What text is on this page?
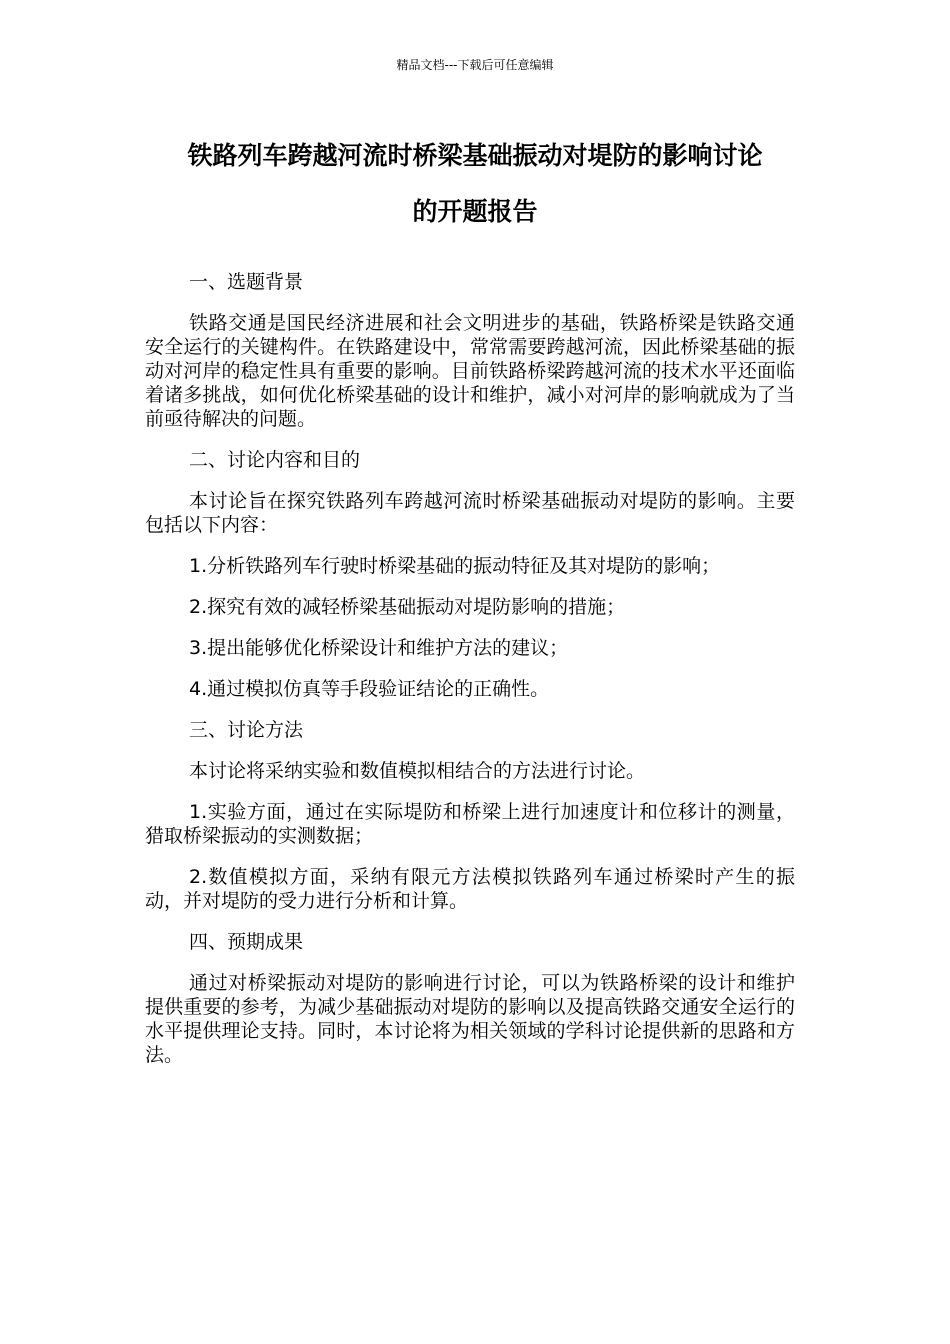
精品文档---下载后可任意编辑
铁路列车跨越河流时桥梁基础振动对堤防的影响讨论
的开题报告

一、选题背景

铁路交通是国民经济进展和社会文明进步的基础，铁路桥梁是铁路交通安全运行的关键构件。在铁路建设中，常常需要跨越河流，因此桥梁基础的振动对河岸的稳定性具有重要的影响。目前铁路桥梁跨越河流的技术水平还面临着诸多挑战，如何优化桥梁基础的设计和维护，减小对河岸的影响就成为了当前亟待解决的问题。

二、讨论内容和目的

本讨论旨在探究铁路列车跨越河流时桥梁基础振动对堤防的影响。主要包括以下内容：

1.分析铁路列车行驶时桥梁基础的振动特征及其对堤防的影响；

2.探究有效的减轻桥梁基础振动对堤防影响的措施；

3.提出能够优化桥梁设计和维护方法的建议；

4.通过模拟仿真等手段验证结论的正确性。

三、讨论方法

本讨论将采纳实验和数值模拟相结合的方法进行讨论。

1.实验方面，通过在实际堤防和桥梁上进行加速度计和位移计的测量，猎取桥梁振动的实测数据；

2.数值模拟方面，采纳有限元方法模拟铁路列车通过桥梁时产生的振动，并对堤防的受力进行分析和计算。

四、预期成果

通过对桥梁振动对堤防的影响进行讨论，可以为铁路桥梁的设计和维护提供重要的参考，为减少基础振动对堤防的影响以及提高铁路交通安全运行的水平提供理论支持。同时，本讨论将为相关领域的学科讨论提供新的思路和方法。
